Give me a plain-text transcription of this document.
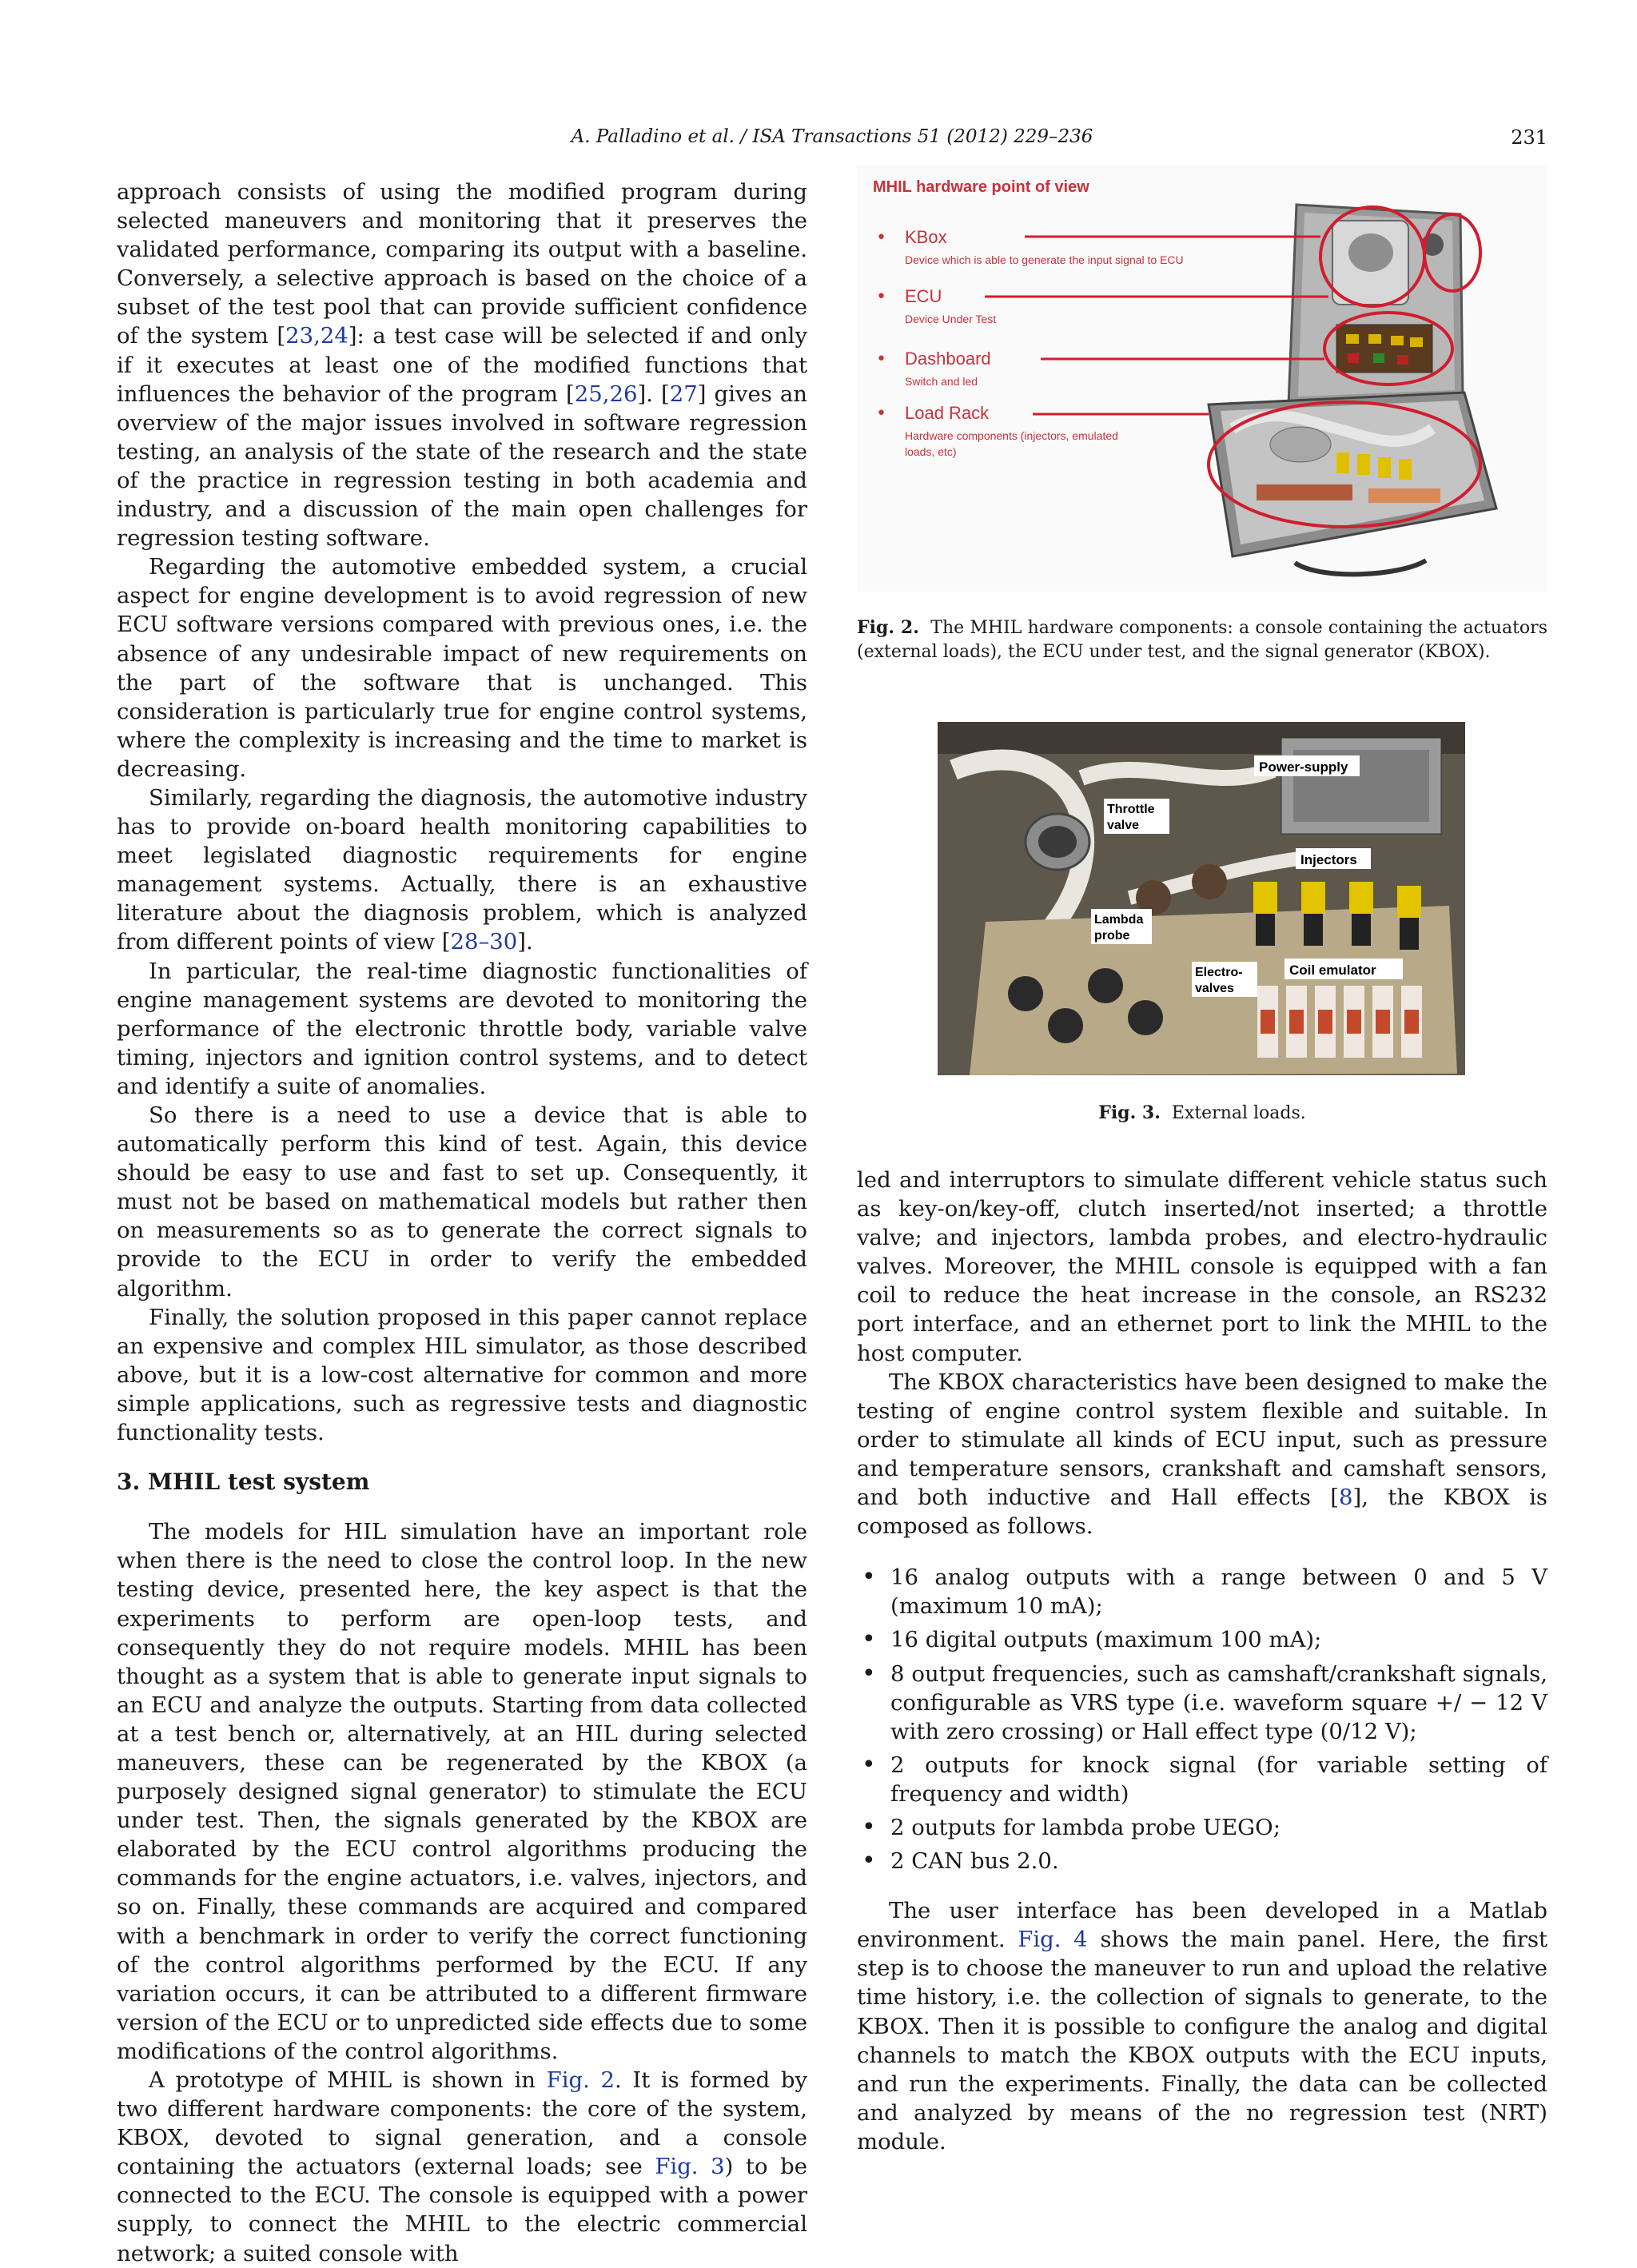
A. Palladino et al. / ISA Transactions 51 (2012) 229–236	231

approach consists of using the modified program during selected maneuvers and monitoring that it preserves the validated performance, comparing its output with a baseline. Conversely, a selective approach is based on the choice of a subset of the test pool that can provide sufficient confidence of the system [23,24]: a test case will be selected if and only if it executes at least one of the modified functions that influences the behavior of the program [25,26]. [27] gives an overview of the major issues involved in software regression testing, an analysis of the state of the research and the state of the practice in regression testing in both academia and industry, and a discussion of the main open challenges for regression testing software.

Regarding the automotive embedded system, a crucial aspect for engine development is to avoid regression of new ECU software versions compared with previous ones, i.e. the absence of any undesirable impact of new requirements on the part of the software that is unchanged. This consideration is particularly true for engine control systems, where the complexity is increasing and the time to market is decreasing.

Similarly, regarding the diagnosis, the automotive industry has to provide on-board health monitoring capabilities to meet legislated diagnostic requirements for engine management systems. Actually, there is an exhaustive literature about the diagnosis problem, which is analyzed from different points of view [28–30].

In particular, the real-time diagnostic functionalities of engine management systems are devoted to monitoring the performance of the electronic throttle body, variable valve timing, injectors and ignition control systems, and to detect and identify a suite of anomalies.

So there is a need to use a device that is able to automatically perform this kind of test. Again, this device should be easy to use and fast to set up. Consequently, it must not be based on mathematical models but rather then on measurements so as to generate the correct signals to provide to the ECU in order to verify the embedded algorithm.

Finally, the solution proposed in this paper cannot replace an expensive and complex HIL simulator, as those described above, but it is a low-cost alternative for common and more simple applications, such as regressive tests and diagnostic functionality tests.

3. MHIL test system

The models for HIL simulation have an important role when there is the need to close the control loop. In the new testing device, presented here, the key aspect is that the experiments to perform are open-loop tests, and consequently they do not require models. MHIL has been thought as a system that is able to generate input signals to an ECU and analyze the outputs. Starting from data collected at a test bench or, alternatively, at an HIL during selected maneuvers, these can be regenerated by the KBOX (a purposely designed signal generator) to stimulate the ECU under test. Then, the signals generated by the KBOX are elaborated by the ECU control algorithms producing the commands for the engine actuators, i.e. valves, injectors, and so on. Finally, these commands are acquired and compared with a benchmark in order to verify the correct functioning of the control algorithms performed by the ECU. If any variation occurs, it can be attributed to a different firmware version of the ECU or to unpredicted side effects due to some modifications of the control algorithms.

A prototype of MHIL is shown in Fig. 2. It is formed by two different hardware components: the core of the system, KBOX, devoted to signal generation, and a console containing the actuators (external loads; see Fig. 3) to be connected to the ECU. The console is equipped with a power supply, to connect the MHIL to the electric commercial network; a suited console with

MHIL hardware point of view
• KBox
Device which is able to generate the input signal to ECU
• ECU
Device Under Test
• Dashboard
Switch and led
• Load Rack
Hardware components (injectors, emulated
loads, etc)
Fig. 2. The MHIL hardware components: a console containing the actuators (external loads), the ECU under test, and the signal generator (KBOX).
Power-supply
Throttle
valve
Injectors
Lambda
probe
Electro-
valves
Coil emulator
Fig. 3. External loads.

led and interruptors to simulate different vehicle status such as key-on/key-off, clutch inserted/not inserted; a throttle valve; and injectors, lambda probes, and electro-hydraulic valves. Moreover, the MHIL console is equipped with a fan coil to reduce the heat increase in the console, an RS232 port interface, and an ethernet port to link the MHIL to the host computer.

The KBOX characteristics have been designed to make the testing of engine control system flexible and suitable. In order to stimulate all kinds of ECU input, such as pressure and temperature sensors, crankshaft and camshaft sensors, and both inductive and Hall effects [8], the KBOX is composed as follows.

• 16 analog outputs with a range between 0 and 5 V (maximum 10 mA);
• 16 digital outputs (maximum 100 mA);
• 8 output frequencies, such as camshaft/crankshaft signals, configurable as VRS type (i.e. waveform square +/ − 12 V with zero crossing) or Hall effect type (0/12 V);
• 2 outputs for knock signal (for variable setting of frequency and width)
• 2 outputs for lambda probe UEGO;
• 2 CAN bus 2.0.

The user interface has been developed in a Matlab environment. Fig. 4 shows the main panel. Here, the first step is to choose the maneuver to run and upload the relative time history, i.e. the collection of signals to generate, to the KBOX. Then it is possible to configure the analog and digital channels to match the KBOX outputs with the ECU inputs, and run the experiments. Finally, the data can be collected and analyzed by means of the no regression test (NRT) module.
